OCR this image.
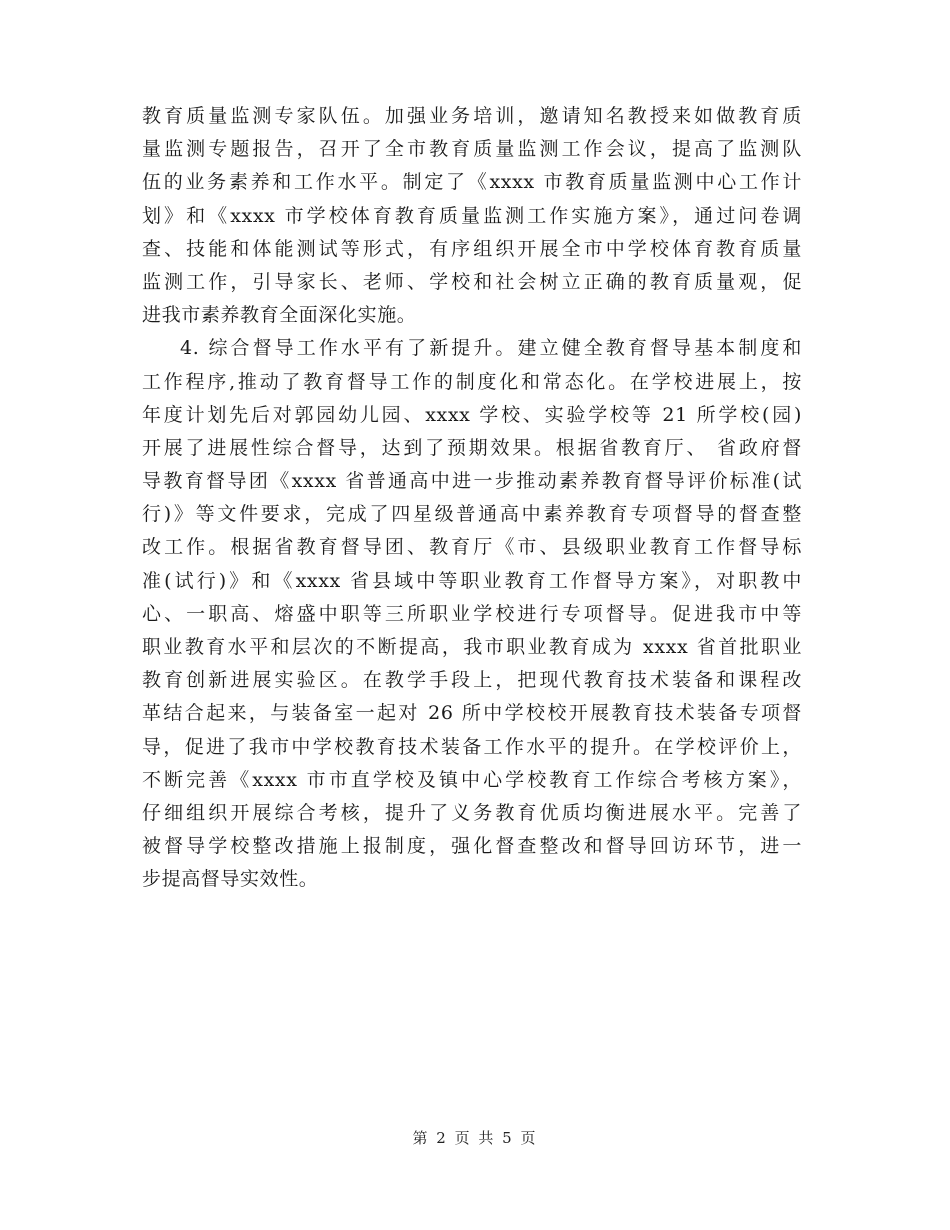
教育质量监测专家队伍。加强业务培训，邀请知名教授来如做教育质
量监测专题报告，召开了全市教育质量监测工作会议，提高了监测队
伍的业务素养和工作水平。制定了《xxxx 市教育质量监测中心工作计
划》和《xxxx 市学校体育教育质量监测工作实施方案》，通过问卷调
查、技能和体能测试等形式，有序组织开展全市中学校体育教育质量
监测工作，引导家长、老师、学校和社会树立正确的教育质量观，促
进我市素养教育全面深化实施。
4. 综合督导工作水平有了新提升。建立健全教育督导基本制度和
工作程序,推动了教育督导工作的制度化和常态化。在学校进展上，按
年度计划先后对郭园幼儿园、xxxx 学校、实验学校等 21 所学校(园)
开展了进展性综合督导，达到了预期效果。根据省教育厅、 省政府督
导教育督导团《xxxx 省普通高中进一步推动素养教育督导评价标准(试
行)》等文件要求，完成了四星级普通高中素养教育专项督导的督查整
改工作。根据省教育督导团、教育厅《市、县级职业教育工作督导标
准(试行)》和《xxxx 省县域中等职业教育工作督导方案》，对职教中
心、一职高、熔盛中职等三所职业学校进行专项督导。促进我市中等
职业教育水平和层次的不断提高，我市职业教育成为 xxxx 省首批职业
教育创新进展实验区。在教学手段上，把现代教育技术装备和课程改
革结合起来，与装备室一起对 26 所中学校校开展教育技术装备专项督
导，促进了我市中学校教育技术装备工作水平的提升。在学校评价上，
不断完善《xxxx 市市直学校及镇中心学校教育工作综合考核方案》，
仔细组织开展综合考核，提升了义务教育优质均衡进展水平。完善了
被督导学校整改措施上报制度，强化督查整改和督导回访环节，进一
步提高督导实效性。
第 2 页 共 5 页
